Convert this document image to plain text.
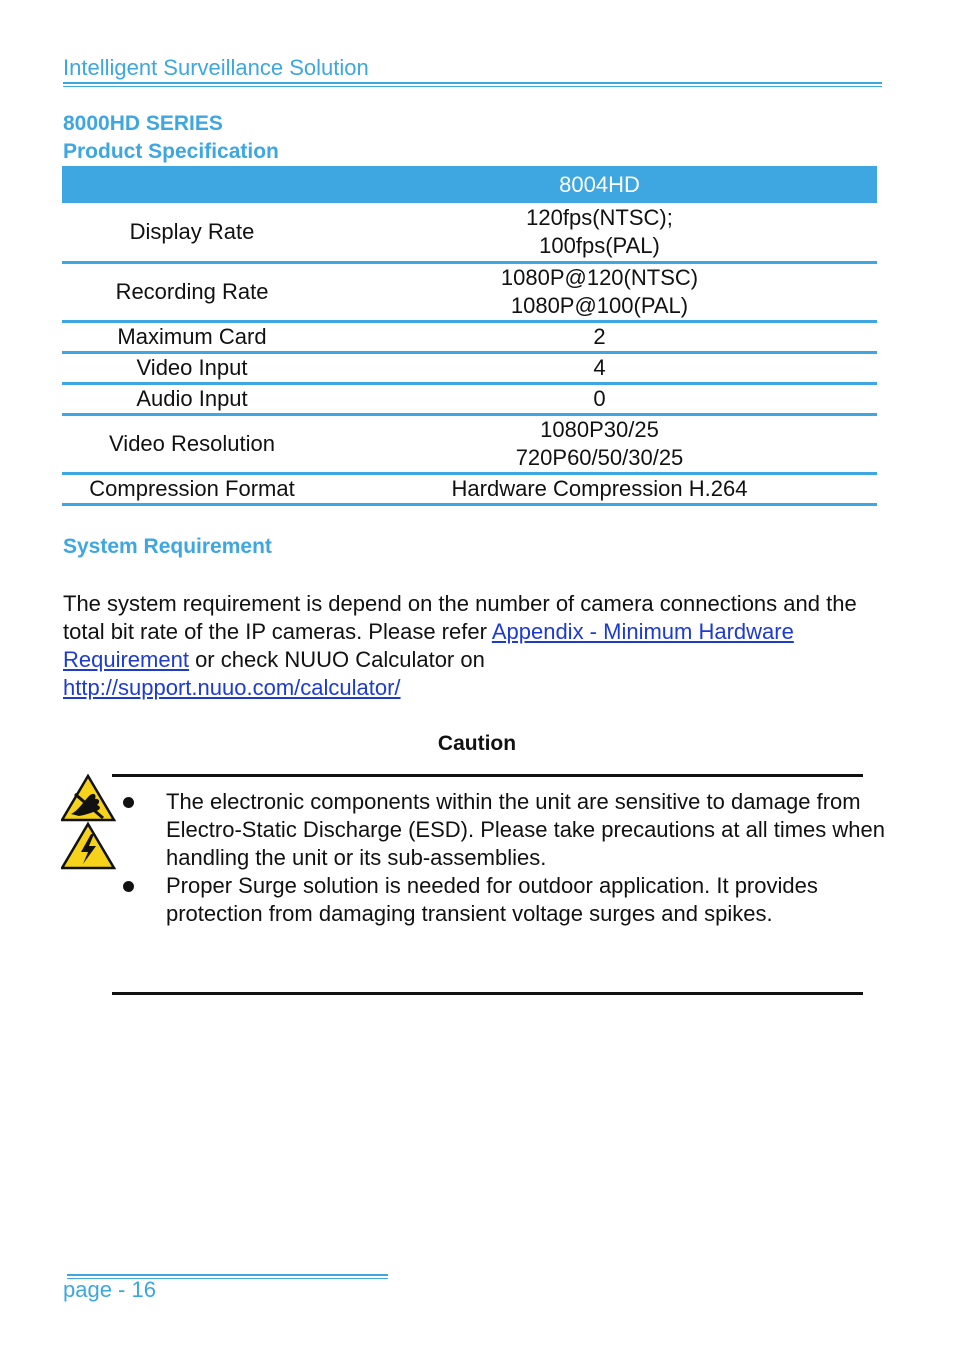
Intelligent Surveillance Solution
8000HD SERIES
Product Specification
	8004HD
Display Rate	120fps(NTSC);
100fps(PAL)

Recording Rate	1080P@120(NTSC)
1080P@100(PAL)

Maximum Card	2
Video Input	4
Audio Input	0
Video Resolution	1080P30/25
720P60/50/30/25

Compression Format	Hardware Compression H.264
System Requirement
The system requirement is depend on the number of camera connections and the total bit rate of the IP cameras. Please refer Appendix - Minimum Hardware Requirement or check NUUO Calculator on
http://support.nuuo.com/calculator/
Caution
The electronic components within the unit are sensitive to damage from Electro-Static Discharge (ESD). Please take precautions at all times when handling the unit or its sub-assemblies.
Proper Surge solution is needed for outdoor application. It provides protection from damaging transient voltage surges and spikes.
page - 16
